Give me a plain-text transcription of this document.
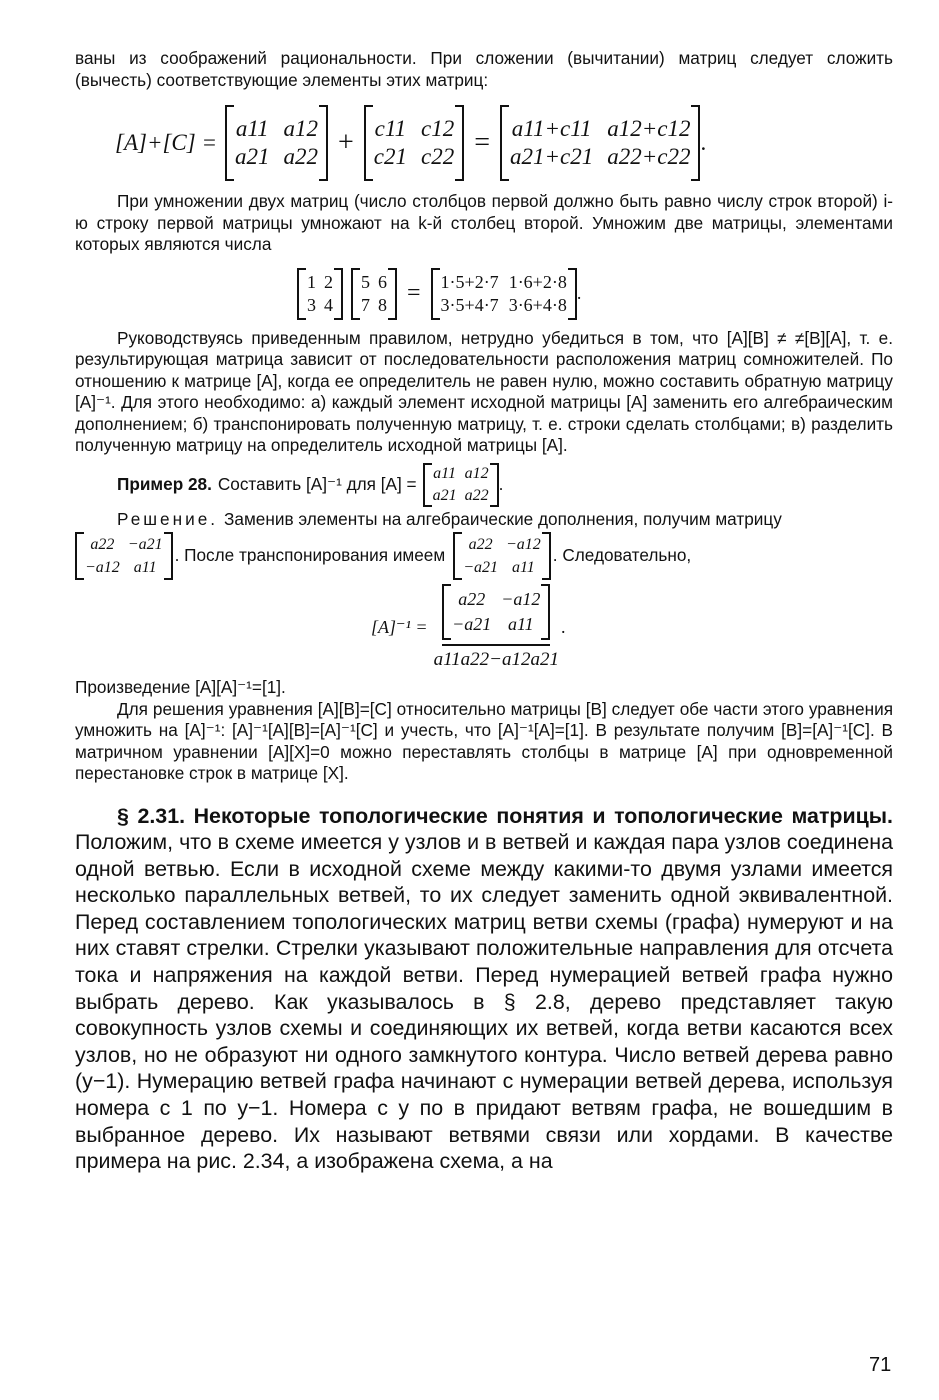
ваны из соображений рациональности. При сложении (вычитании) матриц следует сложить (вычесть) соответствующие элементы этих матриц:

[A]+[C] =
a11 a12
a21 a22 + c11 c12
c21 c22 = a11+c11 a12+c12
a21+c21 a22+c22
.

При умножении двух матриц (число столбцов первой должно быть равно числу строк второй) i-ю строку первой матрицы умножают на k-й столбец второй. Умножим две матрицы, элементами которых являются числа

1 2
3 4
5 6
7 8 = 1·5+2·7 1·6+2·8
3·5+4·7 3·6+4·8
.

Руководствуясь приведенным правилом, нетрудно убедиться в том, что [A][B] ≠ ≠[B][A], т. е. результирующая матрица зависит от последовательности расположения матриц сомножителей. По отношению к матрице [A], когда ее определитель не равен нулю, можно составить обратную матрицу [A]⁻¹. Для этого необходимо: а) каждый элемент исходной матрицы [A] заменить его алгебраическим дополнением; б) транспонировать полученную матрицу, т. е. строки сделать столбцами; в) разделить полученную матрицу на определитель исходной матрицы [A].

Пример 28. Составить [A]⁻¹ для [A] =
a11 a12
a21 a22
.

Решение. Заменив элементы на алгебраические дополнения, получим матрицу

a22 −a21
−a12 a11
. После транспонирования имеем
a22 −a12
−a21 a11
. Следовательно,
[A]⁻¹ = a22 −a12
−a21 a11
a11a22−a12a21 .

Произведение [A][A]⁻¹=[1].

Для решения уравнения [A][B]=[C] относительно матрицы [B] следует обе части этого уравнения умножить на [A]⁻¹: [A]⁻¹[A][B]=[A]⁻¹[C] и учесть, что [A]⁻¹[A]=[1]. В результате получим [B]=[A]⁻¹[C]. В матричном уравнении [A][X]=0 можно переставлять столбцы в матрице [A] при одновременной перестановке строк в матрице [X].

§ 2.31. Некоторые топологические понятия и топологические матрицы. Положим, что в схеме имеется y узлов и в ветвей и каждая пара узлов соединена одной ветвью. Если в исходной схеме между какими-то двумя узлами имеется несколько параллельных ветвей, то их следует заменить одной эквивалентной. Перед составлением топологических матриц ветви схемы (графа) нумеруют и на них ставят стрелки. Стрелки указывают положительные направления для отсчета тока и напряжения на каждой ветви. Перед нумерацией ветвей графа нужно выбрать дерево. Как указывалось в § 2.8, дерево представляет такую совокупность узлов схемы и соединяющих их ветвей, когда ветви касаются всех узлов, но не образуют ни одного замкнутого контура. Число ветвей дерева равно (y−1). Нумерацию ветвей графа начинают с нумерации ветвей дерева, используя номера с 1 по y−1. Номера с y по в придают ветвям графа, не вошедшим в выбранное дерево. Их называют ветвями связи или хордами. В качестве примера на рис. 2.34, а изображена схема, а на

71
